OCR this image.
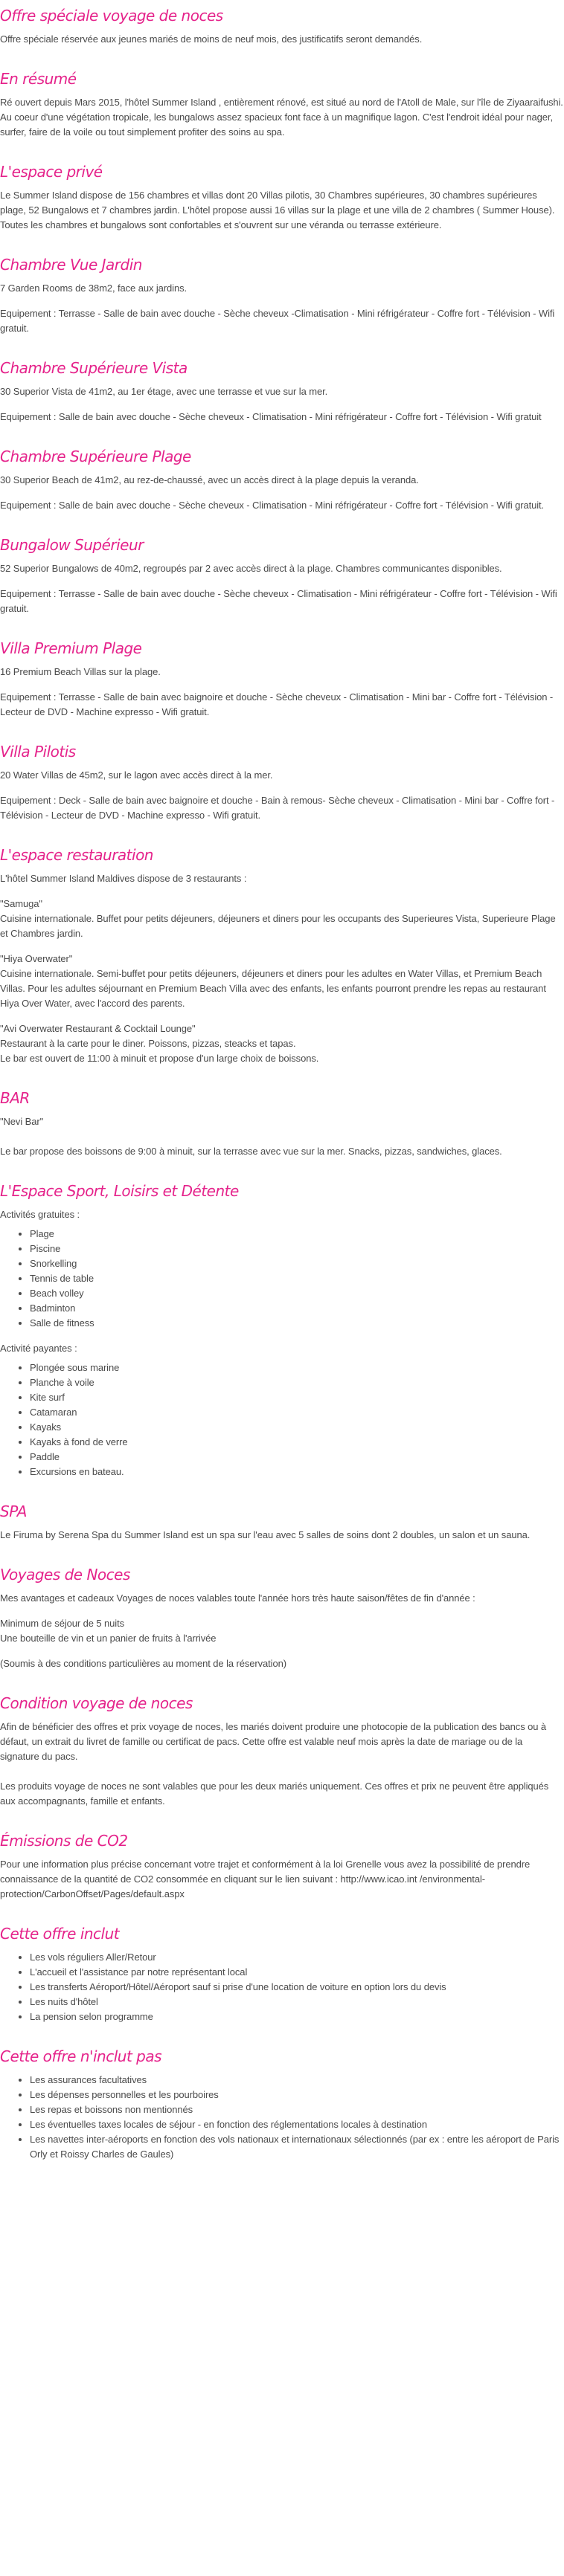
Offre spéciale voyage de noces

Offre spéciale réservée aux jeunes mariés de moins de neuf mois, des justificatifs seront demandés.

En résumé

Ré ouvert depuis Mars 2015, l'hôtel Summer Island , entièrement rénové, est situé au nord de l'Atoll de Male, sur l'île de Ziyaaraifushi. Au coeur d'une végétation tropicale, les bungalows assez spacieux font face à un magnifique lagon. C'est l'endroit idéal pour nager, surfer, faire de la voile ou tout simplement profiter des soins au spa.

L'espace privé

Le Summer Island dispose de 156 chambres et villas dont 20 Villas pilotis, 30 Chambres supérieures, 30 chambres supérieures plage, 52 Bungalows et 7 chambres jardin. L'hôtel propose aussi 16 villas sur la plage et une villa de 2 chambres ( Summer House). Toutes les chambres et bungalows sont confortables et s'ouvrent sur une véranda ou terrasse extérieure.

Chambre Vue Jardin

7 Garden Rooms de 38m2, face aux jardins.

Equipement : Terrasse - Salle de bain avec douche - Sèche cheveux -Climatisation - Mini réfrigérateur - Coffre fort - Télévision - Wifi gratuit.

Chambre Supérieure Vista

30 Superior Vista de 41m2, au 1er étage, avec une terrasse et vue sur la mer.

Equipement : Salle de bain avec douche - Sèche cheveux - Climatisation - Mini réfrigérateur - Coffre fort - Télévision - Wifi gratuit

Chambre Supérieure Plage

30 Superior Beach de 41m2, au rez-de-chaussé, avec un accès direct à la plage depuis la veranda.

Equipement : Salle de bain avec douche - Sèche cheveux - Climatisation - Mini réfrigérateur - Coffre fort - Télévision - Wifi gratuit.

Bungalow Supérieur

52 Superior Bungalows de 40m2, regroupés par 2 avec accès direct à la plage. Chambres communicantes disponibles.

Equipement : Terrasse - Salle de bain avec douche - Sèche cheveux - Climatisation - Mini réfrigérateur - Coffre fort - Télévision - Wifi gratuit.

Villa Premium Plage

16 Premium Beach Villas sur la plage.

Equipement : Terrasse - Salle de bain avec baignoire et douche - Sèche cheveux - Climatisation - Mini bar - Coffre fort - Télévision - Lecteur de DVD - Machine expresso - Wifi gratuit.

Villa Pilotis

20 Water Villas de 45m2, sur le lagon avec accès direct à la mer.

Equipement : Deck - Salle de bain avec baignoire et douche - Bain à remous- Sèche cheveux - Climatisation - Mini bar - Coffre fort - Télévision - Lecteur de DVD - Machine expresso - Wifi gratuit.

L'espace restauration

L'hôtel Summer Island Maldives dispose de 3 restaurants :

"Samuga"
Cuisine internationale. Buffet pour petits déjeuners, déjeuners et diners pour les occupants des Superieures Vista, Superieure Plage et Chambres jardin.
"Hiya Overwater"
Cuisine internationale. Semi-buffet pour petits déjeuners, déjeuners et diners pour les adultes en Water Villas, et Premium Beach Villas. Pour les adultes séjournant en Premium Beach Villa avec des enfants, les enfants pourront prendre les repas au restaurant Hiya Over Water, avec l'accord des parents.
"Avi Overwater Restaurant & Cocktail Lounge"
Restaurant à la carte pour le diner. Poissons, pizzas, steacks et tapas.
Le bar est ouvert de 11:00 à minuit et propose d'un large choix de boissons.
BAR

"Nevi Bar"

Le bar propose des boissons de 9:00 à minuit, sur la terrasse avec vue sur la mer. Snacks, pizzas, sandwiches, glaces.

L'Espace Sport, Loisirs et Détente

Activités gratuites :

• Plage
• Piscine
• Snorkelling
• Tennis de table
• Beach volley
• Badminton
• Salle de fitness

Activité payantes :

• Plongée sous marine
• Planche à voile
• Kite surf
• Catamaran
• Kayaks
• Kayaks à fond de verre
• Paddle
• Excursions en bateau.
SPA

Le Firuma by Serena Spa du Summer Island est un spa sur l'eau avec 5 salles de soins dont 2 doubles, un salon et un sauna.

Voyages de Noces

Mes avantages et cadeaux Voyages de noces valables toute l'année hors très haute saison/fêtes de fin d'année :

Minimum de séjour de 5 nuits
Une bouteille de vin et un panier de fruits à l'arrivée

(Soumis à des conditions particulières au moment de la réservation)

Condition voyage de noces

Afin de bénéficier des offres et prix voyage de noces, les mariés doivent produire une photocopie de la publication des bancs ou à défaut, un extrait du livret de famille ou certificat de pacs. Cette offre est valable neuf mois après la date de mariage ou de la signature du pacs.

Les produits voyage de noces ne sont valables que pour les deux mariés uniquement. Ces offres et prix ne peuvent être appliqués aux accompagnants, famille et enfants.

Émissions de CO2

Pour une information plus précise concernant votre trajet et conformément à la loi Grenelle vous avez la possibilité de prendre connaissance de la quantité de CO2 consommée en cliquant sur le lien suivant : http://www.icao.int /environmental-protection/CarbonOffset/Pages/default.aspx

Cette offre inclut
• Les vols réguliers Aller/Retour
• L'accueil et l'assistance par notre représentant local
• Les transferts Aéroport/Hôtel/Aéroport sauf si prise d'une location de voiture en option lors du devis
• Les nuits d'hôtel
• La pension selon programme
Cette offre n'inclut pas
• Les assurances facultatives
• Les dépenses personnelles et les pourboires
• Les repas et boissons non mentionnés
• Les éventuelles taxes locales de séjour - en fonction des réglementations locales à destination
• Les navettes inter-aéroports en fonction des vols nationaux et internationaux sélectionnés (par ex : entre les aéroport de Paris Orly et Roissy Charles de Gaules)
